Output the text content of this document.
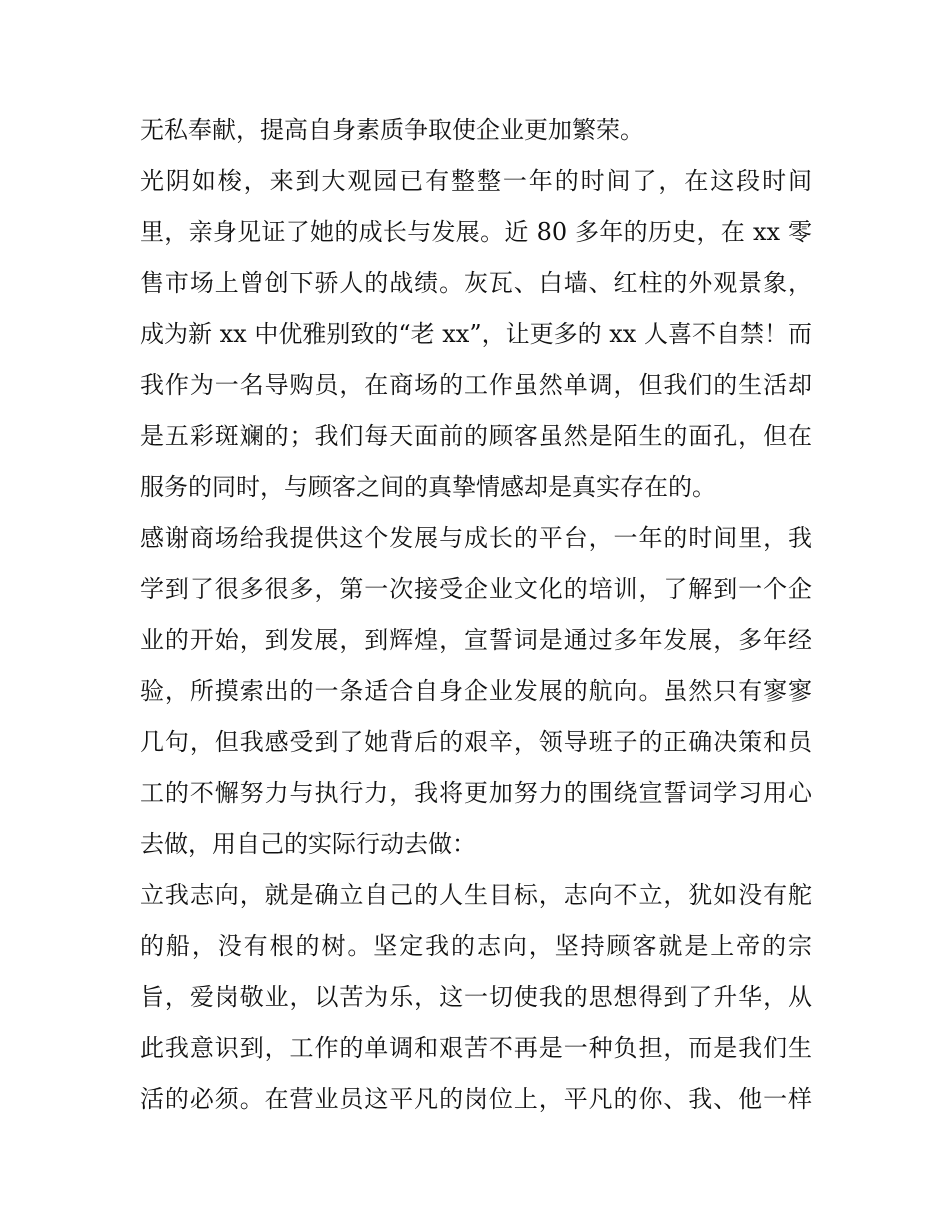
无私奉献，提高自身素质争取使企业更加繁荣。
光阴如梭，来到大观园已有整整一年的时间了，在这段时间
里，亲身见证了她的成长与发展。近 80 多年的历史，在 xx 零
售市场上曾创下骄人的战绩。灰瓦、白墙、红柱的外观景象，
成为新 xx 中优雅别致的“老 xx”，让更多的 xx 人喜不自禁！而
我作为一名导购员，在商场的工作虽然单调，但我们的生活却
是五彩斑斓的；我们每天面前的顾客虽然是陌生的面孔，但在
服务的同时，与顾客之间的真挚情感却是真实存在的。
感谢商场给我提供这个发展与成长的平台，一年的时间里，我
学到了很多很多，第一次接受企业文化的培训，了解到一个企
业的开始，到发展，到辉煌，宣誓词是通过多年发展，多年经
验，所摸索出的一条适合自身企业发展的航向。虽然只有寥寥
几句，但我感受到了她背后的艰辛，领导班子的正确决策和员
工的不懈努力与执行力，我将更加努力的围绕宣誓词学习用心
去做，用自己的实际行动去做：
立我志向，就是确立自己的人生目标，志向不立，犹如没有舵
的船，没有根的树。坚定我的志向，坚持顾客就是上帝的宗
旨，爱岗敬业，以苦为乐，这一切使我的思想得到了升华，从
此我意识到，工作的单调和艰苦不再是一种负担，而是我们生
活的必须。在营业员这平凡的岗位上，平凡的你、我、他一样
